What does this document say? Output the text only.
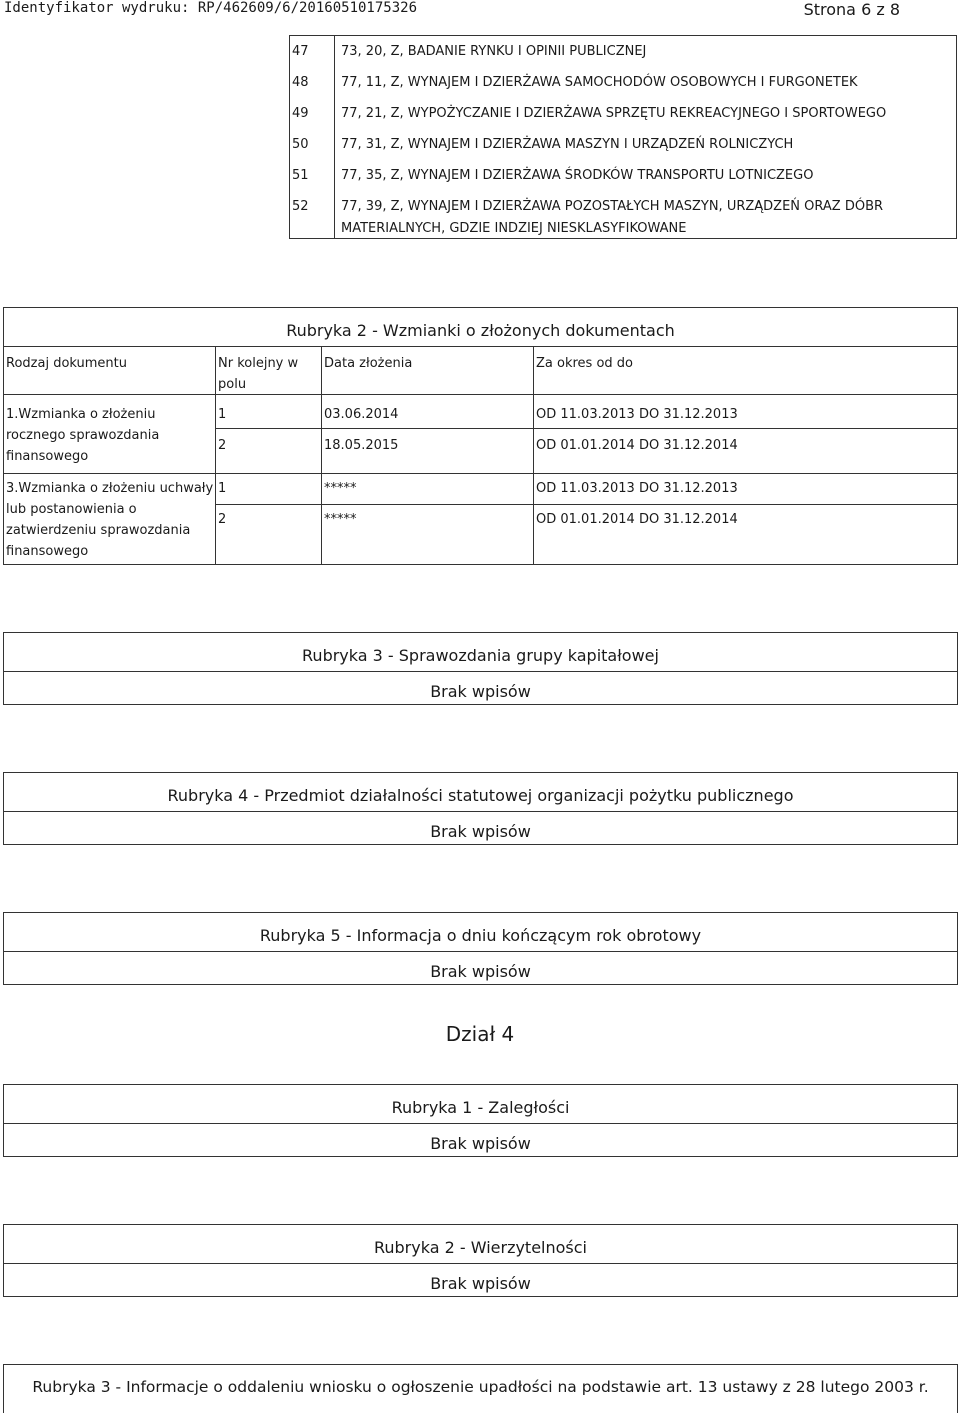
Identyfikator wydruku: RP/462609/6/20160510175326	Strona 6 z 8
47	73, 20, Z, BADANIE RYNKU I OPINII PUBLICZNEJ
48	77, 11, Z, WYNAJEM I DZIERŻAWA SAMOCHODÓW OSOBOWYCH I FURGONETEK
49	77, 21, Z, WYPOŻYCZANIE I DZIERŻAWA SPRZĘTU REKREACYJNEGO I SPORTOWEGO
50	77, 31, Z, WYNAJEM I DZIERŻAWA MASZYN I URZĄDZEŃ ROLNICZYCH
51	77, 35, Z, WYNAJEM I DZIERŻAWA ŚRODKÓW TRANSPORTU LOTNICZEGO
52	77, 39, Z, WYNAJEM I DZIERŻAWA POZOSTAŁYCH MASZYN, URZĄDZEŃ ORAZ DÓBR MATERIALNYCH, GDZIE INDZIEJ NIESKLASYFIKOWANE
Rubryka 2 - Wzmianki o złożonych dokumentach
Rodzaj dokumentu	Nr kolejny w
polu
Data złożenia	Za okres od do
1.Wzmianka o złożeniu
rocznego sprawozdania
finansowego
1	03.06.2014	OD 11.03.2013 DO 31.12.2013
2	18.05.2015	OD 01.01.2014 DO 31.12.2014
3.Wzmianka o złożeniu uchwały
lub postanowienia o
zatwierdzeniu sprawozdania
finansowego
1	*****	OD 11.03.2013 DO 31.12.2013
2	*****	OD 01.01.2014 DO 31.12.2014
Rubryka 3 - Sprawozdania grupy kapitałowej
Brak wpisów
Rubryka 4 - Przedmiot działalności statutowej organizacji pożytku publicznego
Brak wpisów
Rubryka 5 - Informacja o dniu kończącym rok obrotowy
Brak wpisów
Dział 4
Rubryka 1 - Zaległości
Brak wpisów
Rubryka 2 - Wierzytelności
Brak wpisów
Rubryka 3 - Informacje o oddaleniu wniosku o ogłoszenie upadłości na podstawie art. 13 ustawy z 28 lutego 2003 r.
